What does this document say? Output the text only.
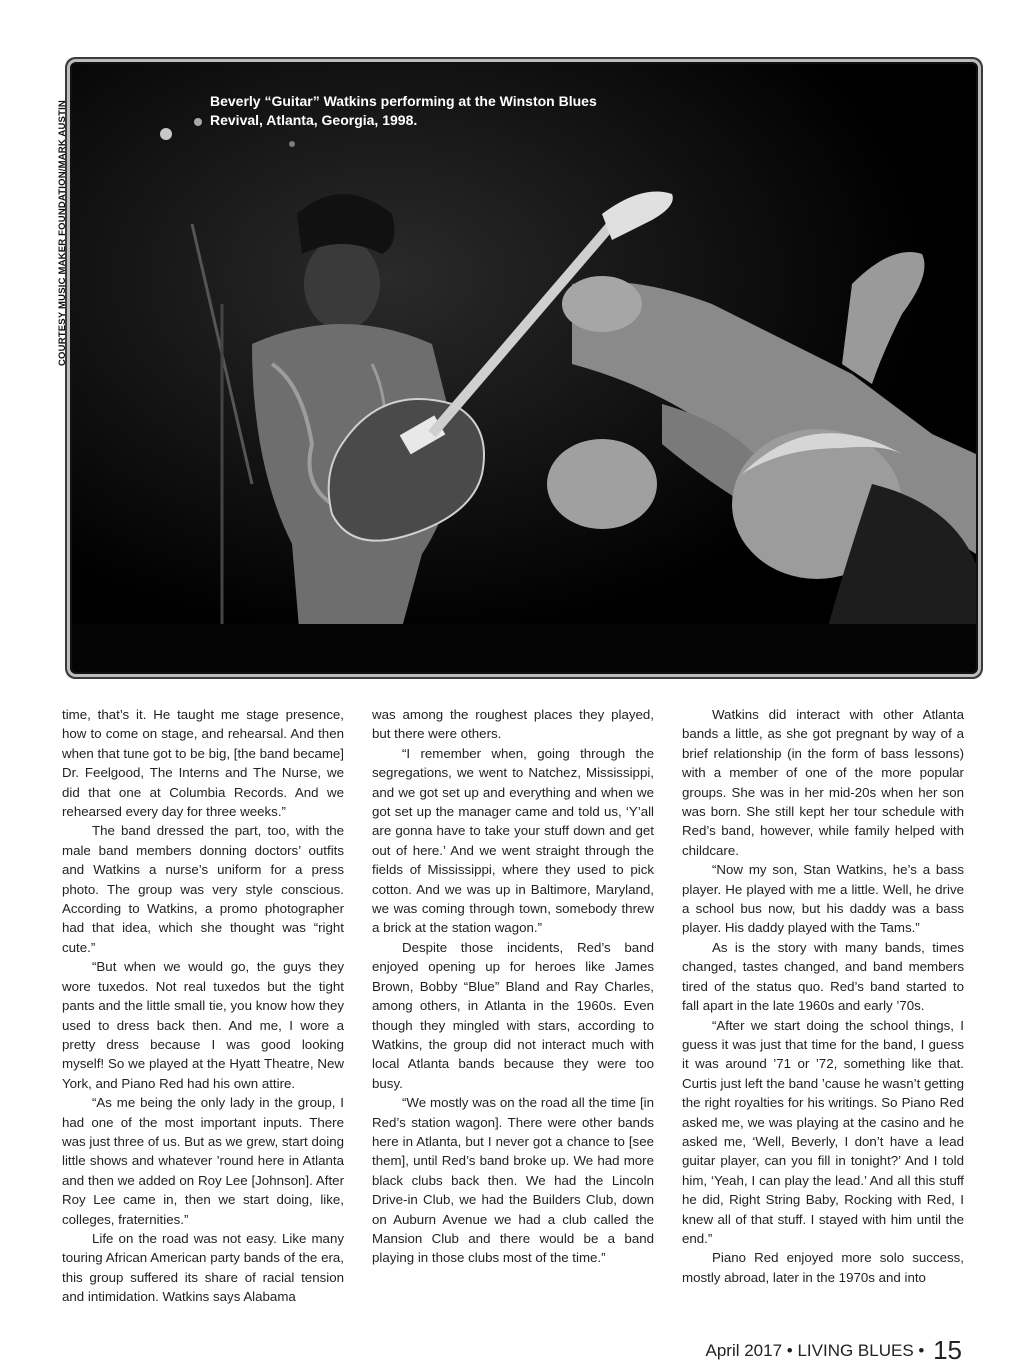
Beverly “Guitar” Watkins performing at the Winston Blues Revival, Atlanta, Georgia, 1998.
COURTESY MUSIC MAKER FOUNDATION/MARK AUSTIN

time, that’s it. He taught me stage presence, how to come on stage, and rehearsal. And then when that tune got to be big, [the band became] Dr. Feelgood, The Interns and The Nurse, we did that one at Columbia Records. And we rehearsed every day for three weeks.”

The band dressed the part, too, with the male band members donning doctors’ outfits and Watkins a nurse’s uniform for a press photo. The group was very style conscious. According to Watkins, a promo photographer had that idea, which she thought was “right cute.”

“But when we would go, the guys they wore tuxedos. Not real tuxedos but the tight pants and the little small tie, you know how they used to dress back then. And me, I wore a pretty dress because I was good looking myself! So we played at the Hyatt Theatre, New York, and Piano Red had his own attire.

“As me being the only lady in the group, I had one of the most important inputs. There was just three of us. But as we grew, start doing little shows and whatever ’round here in Atlanta and then we added on Roy Lee [Johnson]. After Roy Lee came in, then we start doing, like, colleges, fraternities.”

Life on the road was not easy. Like many touring African American party bands of the era, this group suffered its share of racial tension and intimidation. Watkins says Alabama

was among the roughest places they played, but there were others.

“I remember when, going through the segregations, we went to Natchez, Mississippi, and we got set up and everything and when we got set up the manager came and told us, ‘Y’all are gonna have to take your stuff down and get out of here.’ And we went straight through the fields of Mississippi, where they used to pick cotton. And we was up in Baltimore, Maryland, we was coming through town, somebody threw a brick at the station wagon.”

Despite those incidents, Red’s band enjoyed opening up for heroes like James Brown, Bobby “Blue” Bland and Ray Charles, among others, in Atlanta in the 1960s. Even though they mingled with stars, according to Watkins, the group did not interact much with local Atlanta bands because they were too busy.

“We mostly was on the road all the time [in Red’s station wagon]. There were other bands here in Atlanta, but I never got a chance to [see them], until Red’s band broke up. We had more black clubs back then. We had the Lincoln Drive-in Club, we had the Builders Club, down on Auburn Avenue we had a club called the Mansion Club and there would be a band playing in those clubs most of the time.”

Watkins did interact with other Atlanta bands a little, as she got pregnant by way of a brief relationship (in the form of bass lessons) with a member of one of the more popular groups. She was in her mid-20s when her son was born. She still kept her tour schedule with Red’s band, however, while family helped with childcare.

“Now my son, Stan Watkins, he’s a bass player. He played with me a little. Well, he drive a school bus now, but his daddy was a bass player. His daddy played with the Tams.”

As is the story with many bands, times changed, tastes changed, and band members tired of the status quo. Red’s band started to fall apart in the late 1960s and early ’70s.

“After we start doing the school things, I guess it was just that time for the band, I guess it was around ’71 or ’72, something like that. Curtis just left the band ’cause he wasn’t getting the right royalties for his writings. So Piano Red asked me, we was playing at the casino and he asked me, ‘Well, Beverly, I don’t have a lead guitar player, can you fill in tonight?’ And I told him, ‘Yeah, I can play the lead.’ And all this stuff he did, Right String Baby, Rocking with Red, I knew all of that stuff. I stayed with him until the end.”

Piano Red enjoyed more solo success, mostly abroad, later in the 1970s and into

April 2017 • LIVING BLUES • 15
